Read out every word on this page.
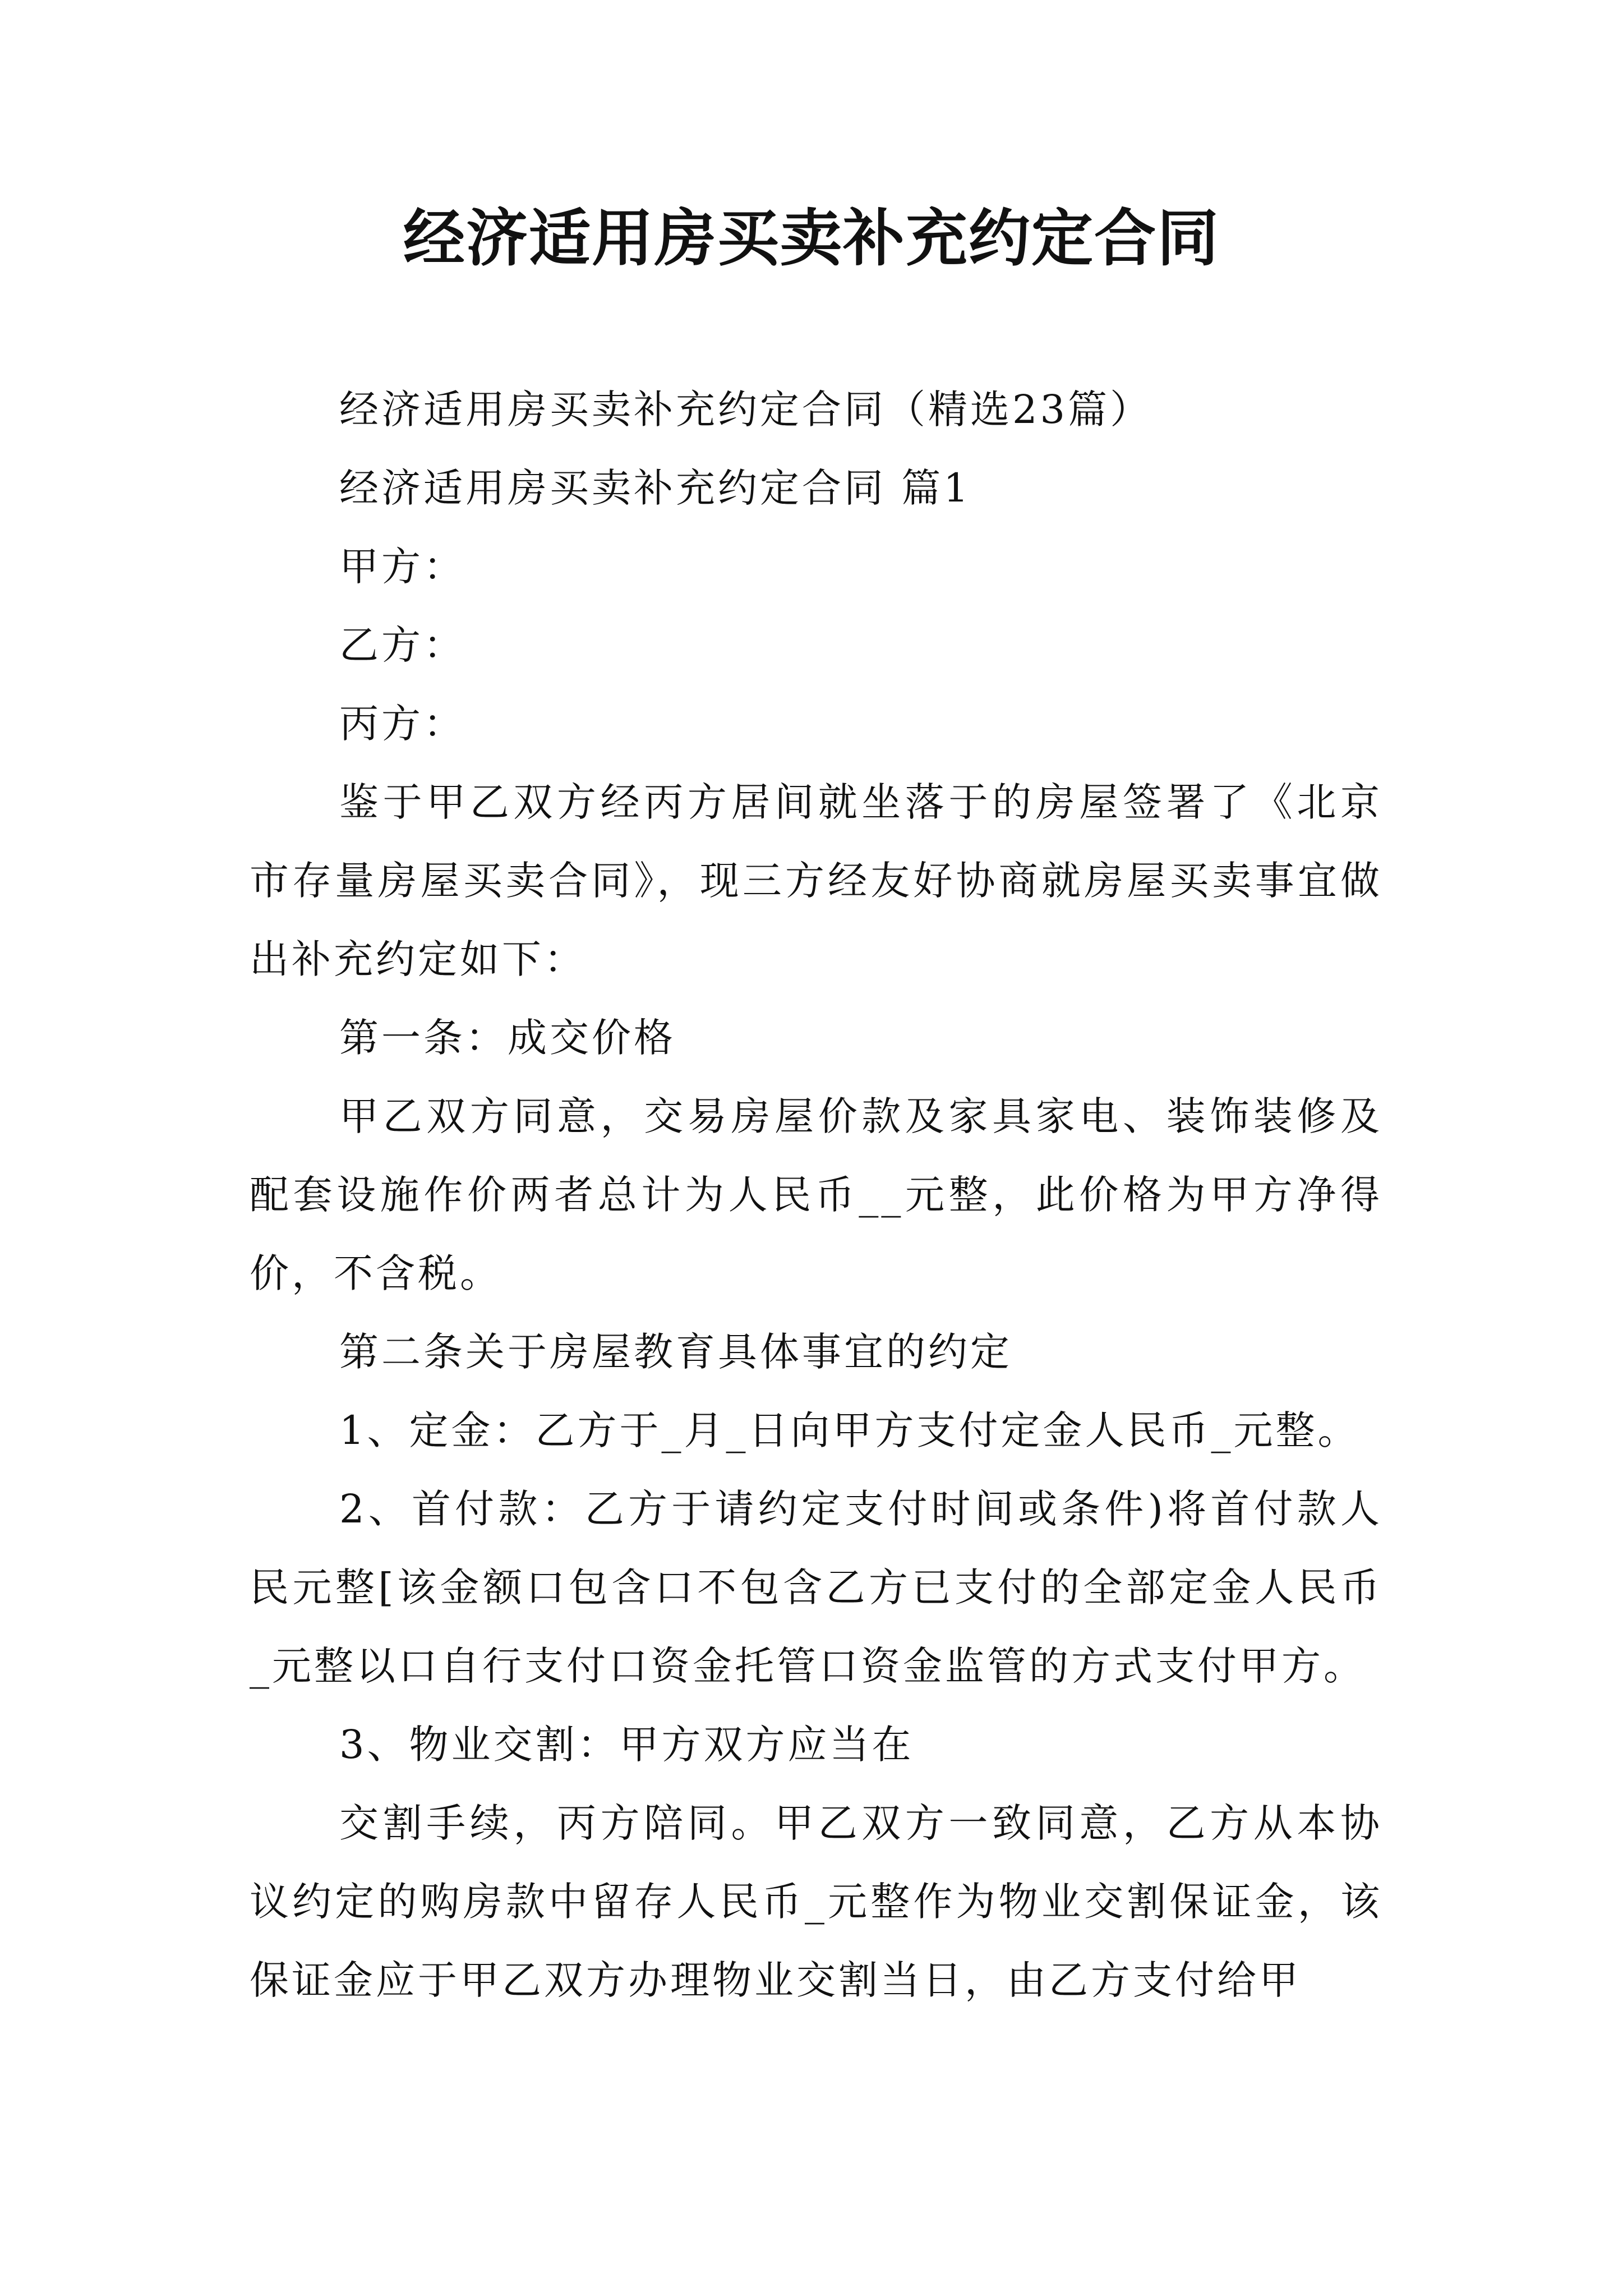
经济适用房买卖补充约定合同

经济适用房买卖补充约定合同（精选23篇）

经济适用房买卖补充约定合同 篇1

甲方：

乙方：

丙方：

鉴于甲乙双方经丙方居间就坐落于的房屋签署了《北京市存量房屋买卖合同》，现三方经友好协商就房屋买卖事宜做出补充约定如下：

第一条：成交价格

甲乙双方同意，交易房屋价款及家具家电、装饰装修及配套设施作价两者总计为人民币__元整，此价格为甲方净得价，不含税。

第二条关于房屋教育具体事宜的约定

1、定金：乙方于_月_日向甲方支付定金人民币_元整。

2、首付款：乙方于请约定支付时间或条件)将首付款人民元整[该金额口包含口不包含乙方已支付的全部定金人民币_元整以口自行支付口资金托管口资金监管的方式支付甲方。

3、物业交割：甲方双方应当在

交割手续，丙方陪同。甲乙双方一致同意，乙方从本协议约定的购房款中留存人民币_元整作为物业交割保证金，该保证金应于甲乙双方办理物业交割当日，由乙方支付给甲
